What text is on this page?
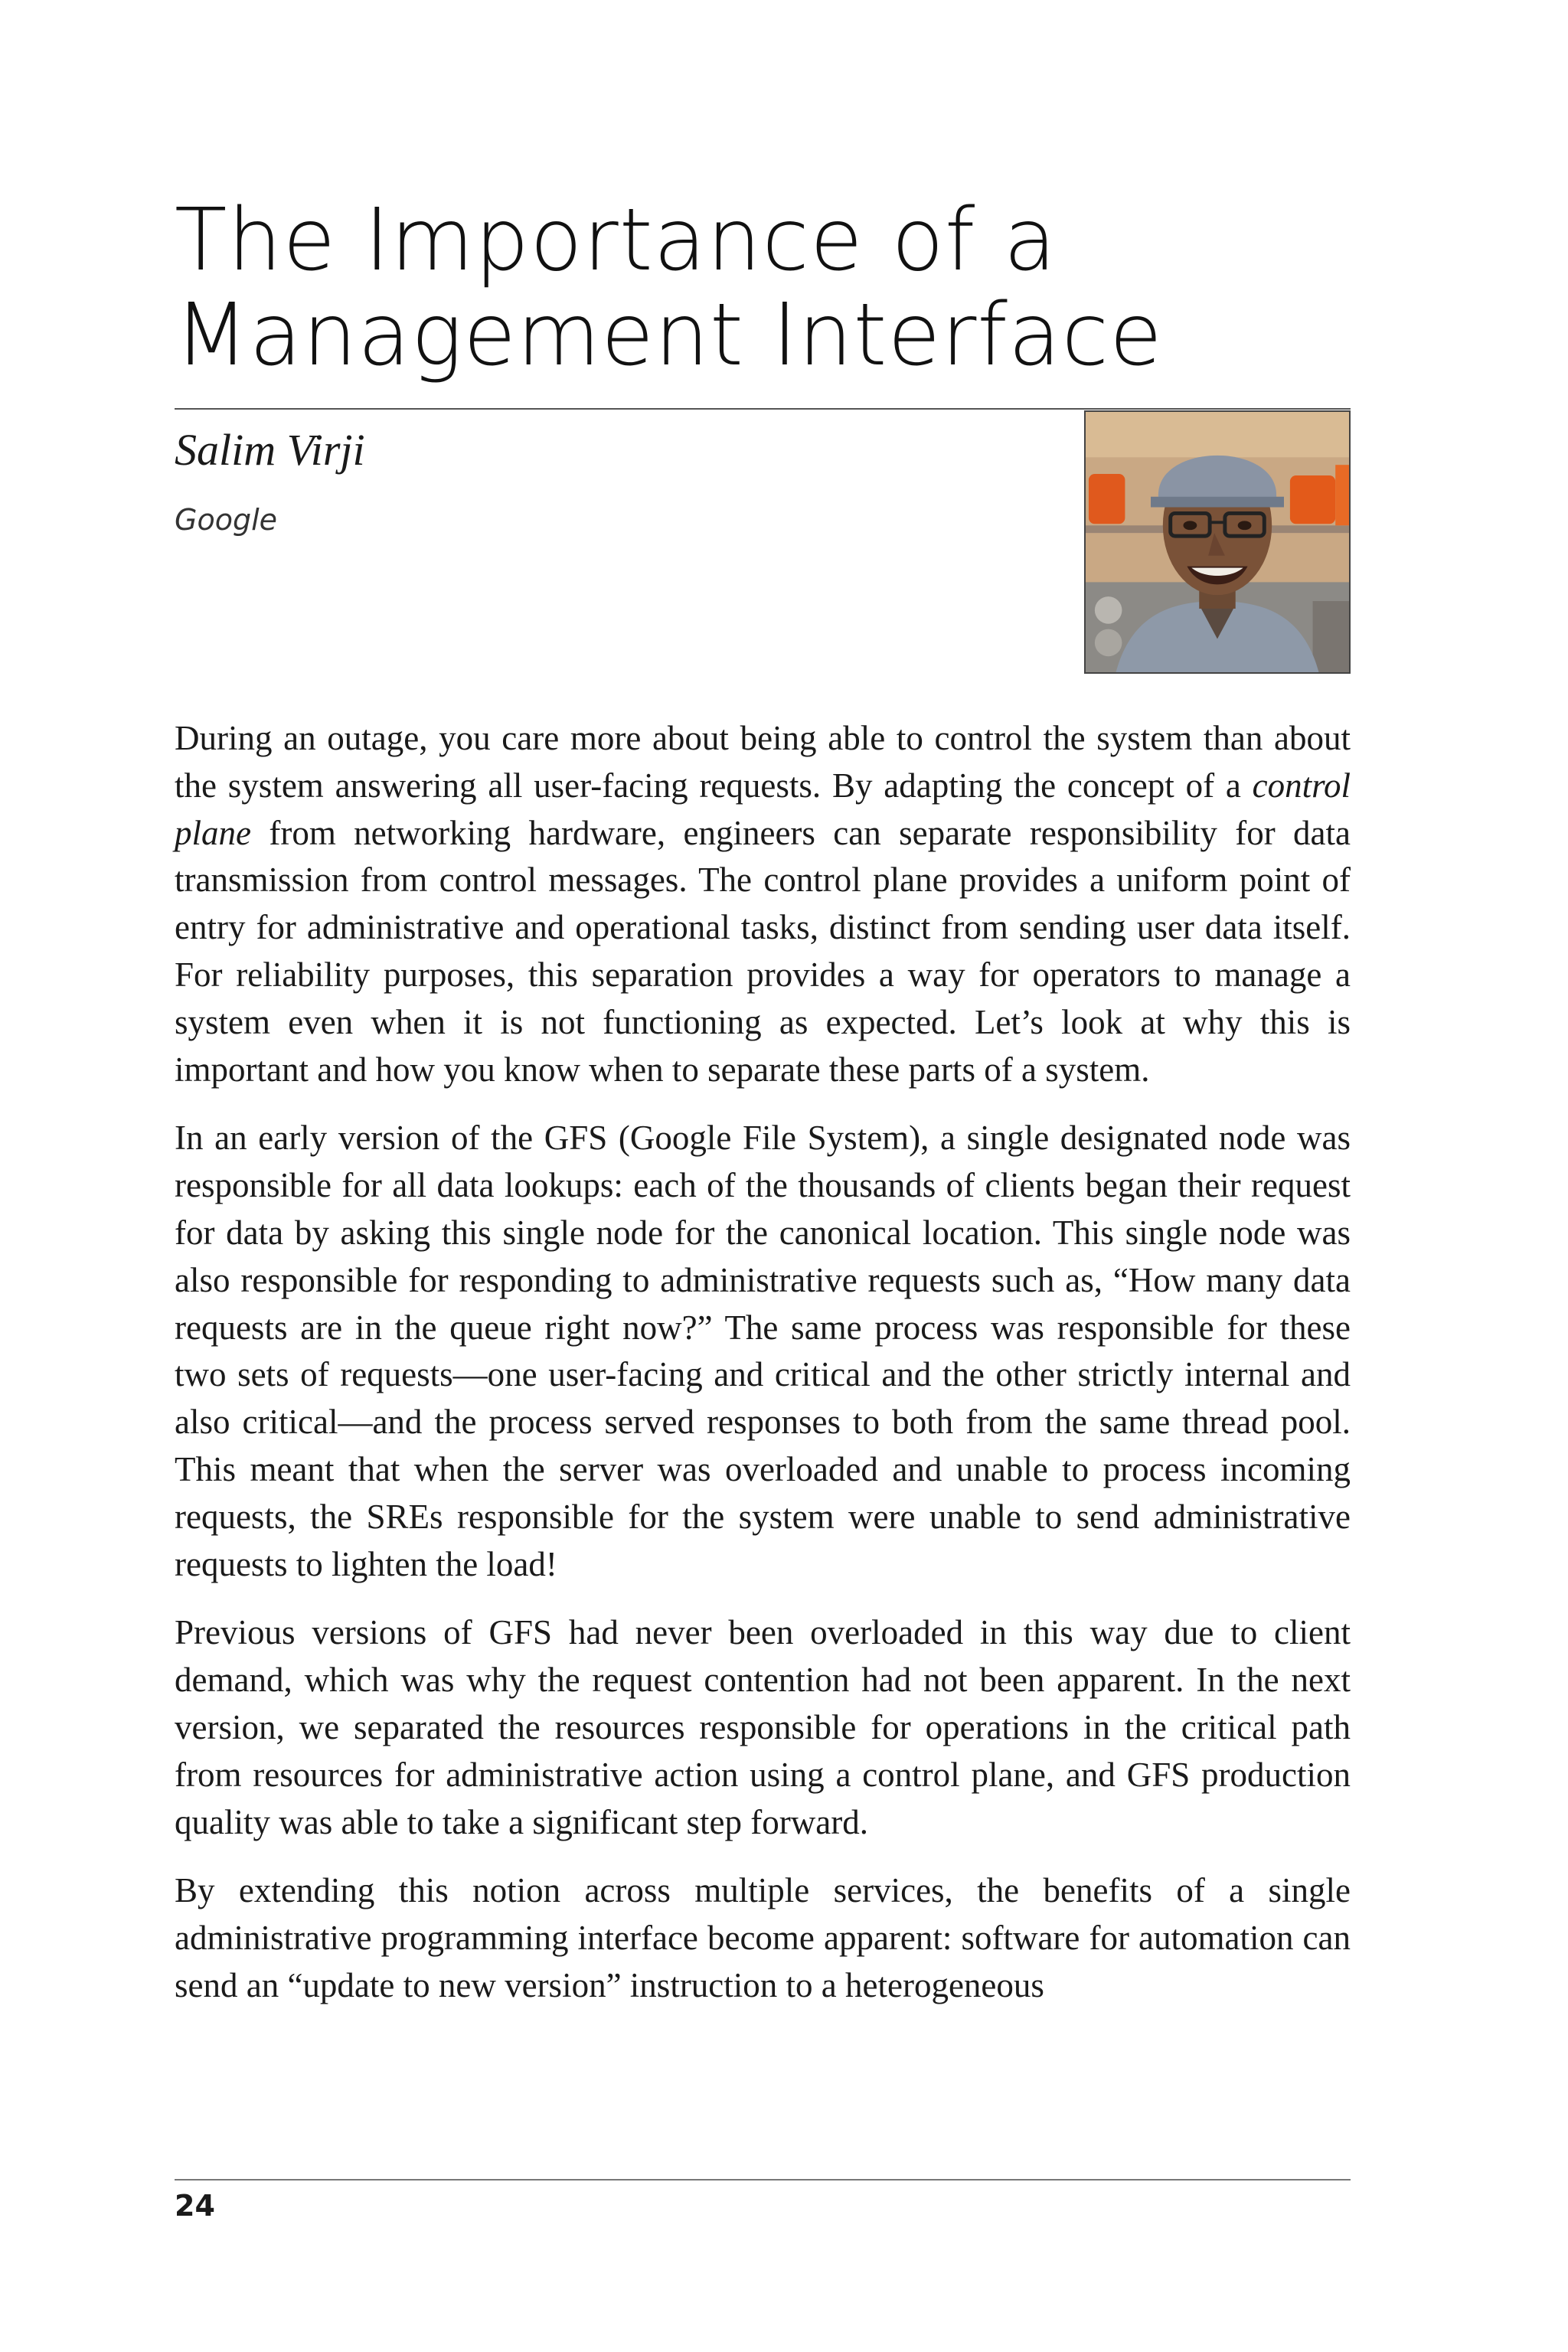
The Importance of a
Management Interface
Salim Virji
Google

During an outage, you care more about being able to control the system than about the system answering all user-facing requests. By adapting the concept of a control plane from networking hardware, engineers can separate responsibility for data transmission from control messages. The control plane provides a uniform point of entry for administrative and operational tasks, distinct from sending user data itself. For reliability purposes, this separation provides a way for operators to manage a system even when it is not functioning as expected. Let’s look at why this is important and how you know when to separate these parts of a system.

In an early version of the GFS (Google File System), a single designated node was responsible for all data lookups: each of the thousands of clients began their request for data by asking this single node for the canonical location. This single node was also responsible for responding to administrative requests such as, “How many data requests are in the queue right now?” The same process was responsible for these two sets of requests—one user-facing and critical and the other strictly internal and also critical—and the process served responses to both from the same thread pool. This meant that when the server was overloaded and unable to process incoming requests, the SREs responsible for the system were unable to send administrative requests to lighten the load!

Previous versions of GFS had never been overloaded in this way due to client demand, which was why the request contention had not been apparent. In the next version, we separated the resources responsible for operations in the critical path from resources for administrative action using a control plane, and GFS production quality was able to take a significant step forward.

By extending this notion across multiple services, the benefits of a single administrative programming interface become apparent: software for automation can send an “update to new version” instruction to a heterogeneous

24
